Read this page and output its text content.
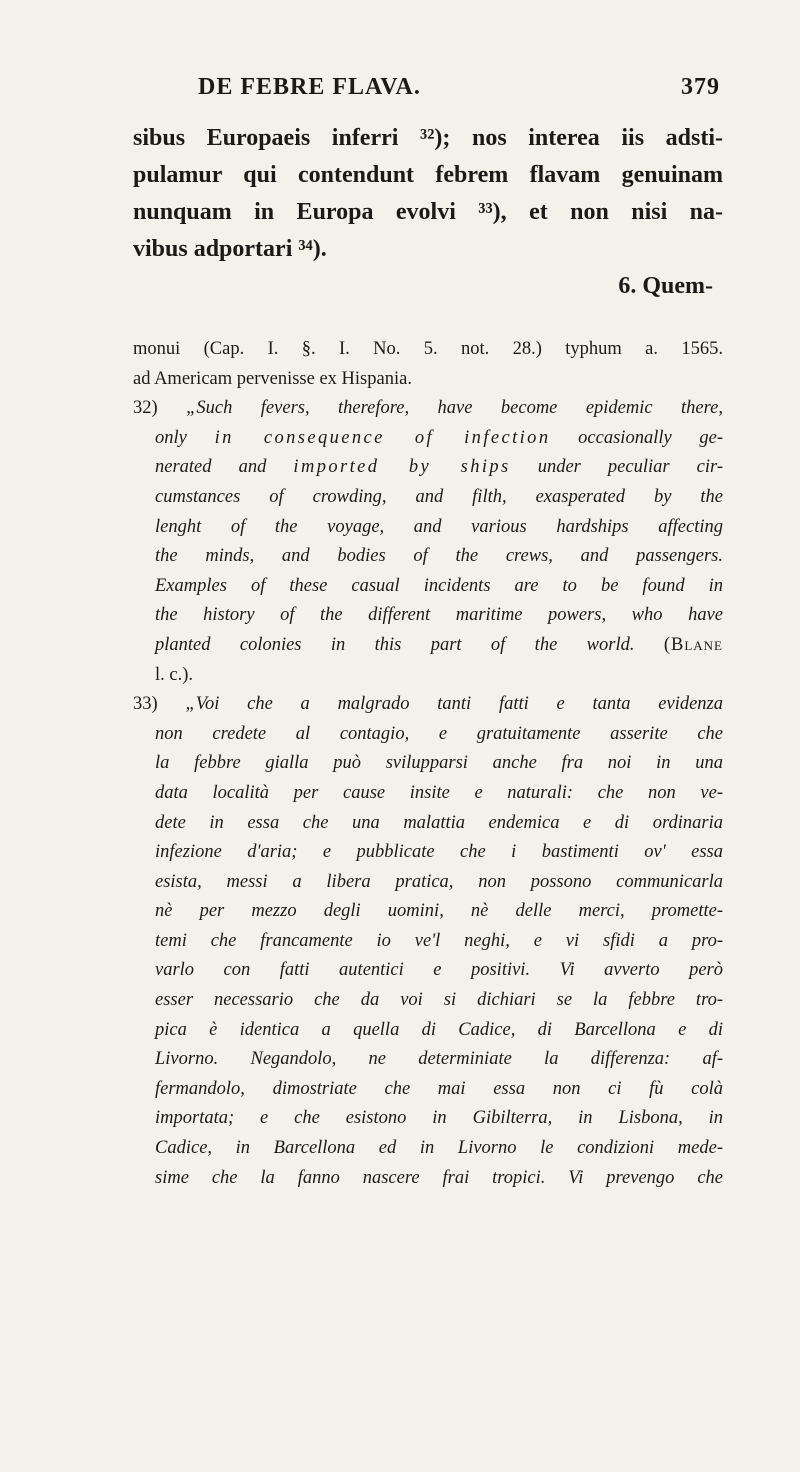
DE FEBRE FLAVA.	379
sibus Europaeis inferri ³²); nos interea iis adsti-
pulamur qui contendunt febrem flavam genuinam
nunquam in Europa evolvi ³³), et non nisi na-
vibus adportari ³⁴).
6. Quem-
monui (Cap. I. §. I. No. 5. not. 28.) typhum a. 1565.
ad Americam pervenisse ex Hispania.
32) „Such fevers, therefore, have become epidemic there,
only in consequence of infection occasionally ge-
nerated and imported by ships under peculiar cir-
cumstances of crowding, and filth, exasperated by the
lenght of the voyage, and various hardships affecting
the minds, and bodies of the crews, and passengers.
Examples of these casual incidents are to be found in
the history of the different maritime powers, who have
planted colonies in this part of the world. (Blane
l. c.).
33) „Voi che a malgrado tanti fatti e tanta evidenza
non credete al contagio, e gratuitamente asserite che
la febbre gialla può svilupparsi anche fra noi in una
data località per cause insite e naturali: che non ve-
dete in essa che una malattia endemica e di ordinaria
infezione d'aria; e pubblicate che i bastimenti ov' essa
esista, messi a libera pratica, non possono communicarla
nè per mezzo degli uomini, nè delle merci, promette-
temi che francamente io ve'l neghi, e vi sfidi a pro-
varlo con fatti autentici e positivi. Vi avverto però
esser necessario che da voi si dichiari se la febbre tro-
pica è identica a quella di Cadice, di Barcellona e di
Livorno. Negandolo, ne determiniate la differenza: af-
fermandolo, dimostriate che mai essa non ci fù colà
importata; e che esistono in Gibilterra, in Lisbona, in
Cadice, in Barcellona ed in Livorno le condizioni mede-
sime che la fanno nascere frai tropici. Vi prevengo che
